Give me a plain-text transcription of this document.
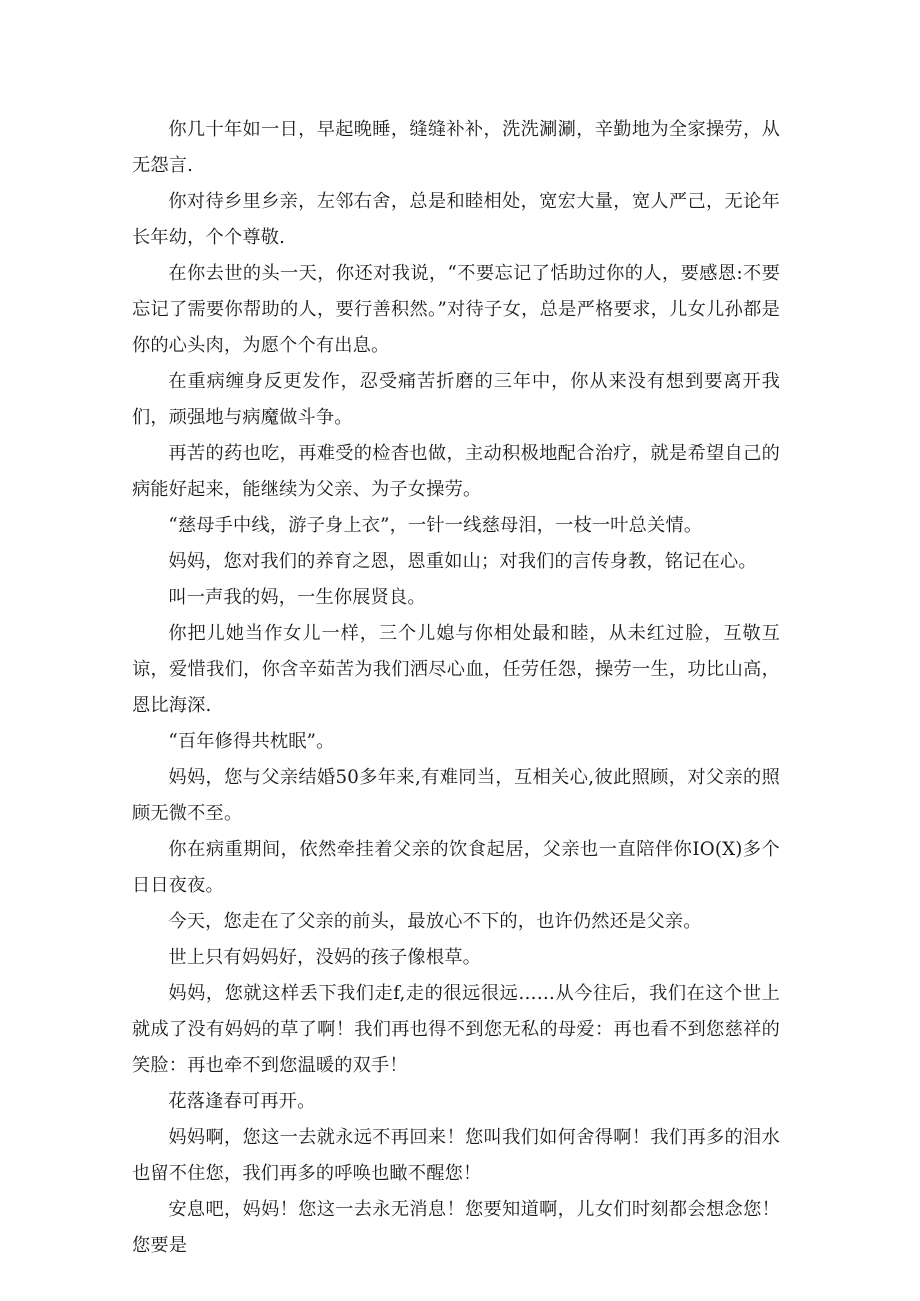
你几十年如一日，早起晚睡，缝缝补补，洗洗涮涮，辛勤地为全家操劳，从无怨言.

你对待乡里乡亲，左邻右舍，总是和睦相处，宽宏大量，宽人严己，无论年长年幼，个个尊敬.

在你去世的头一天，你还对我说，“不要忘记了恬助过你的人，要感恩:不要忘记了需要你帮助的人，要行善积然。”对待子女，总是严格要求，儿女儿孙都是你的心头肉，为愿个个有出息。

在重病缠身反更发作，忍受痛苦折磨的三年中，你从来没有想到要离开我们，顽强地与病魔做斗争。

再苦的药也吃，再难受的检杳也做，主动积极地配合治疗，就是希望自己的病能好起来，能继续为父亲、为子女操劳。

“慈母手中线，游子身上衣”，一针一线慈母泪，一枝一叶总关情。

妈妈，您对我们的养育之恩，恩重如山；对我们的言传身教，铭记在心。

叫一声我的妈，一生你展贤良。

你把儿她当作女儿一样，三个儿媳与你相处最和睦，从未红过脸，互敬互谅，爱惜我们，你含辛茹苦为我们洒尽心血，任劳任怨，操劳一生，功比山高，恩比海深.

“百年修得共枕眠”。

妈妈，您与父亲结婚50多年来,有难同当，互相关心,彼此照顾，对父亲的照顾无微不至。

你在病重期间，依然牵挂着父亲的饮食起居，父亲也一直陪伴你IO(X)多个日日夜夜。

今天，您走在了父亲的前头，最放心不下的，也许仍然还是父亲。

世上只有妈妈好，没妈的孩子像根草。

妈妈，您就这样丢下我们走f,走的很远很远……从今往后，我们在这个世上就成了没有妈妈的草了啊！我们再也得不到您无私的母爱：再也看不到您慈祥的笑脸：再也牵不到您温暖的双手！

花落逢春可再开。

妈妈啊，您这一去就永远不再回来！您叫我们如何舍得啊！我们再多的泪水也留不住您，我们再多的呼唤也瞰不醒您！

安息吧，妈妈！您这一去永无消息！您要知道啊，儿女们时刻都会想念您！您要是
